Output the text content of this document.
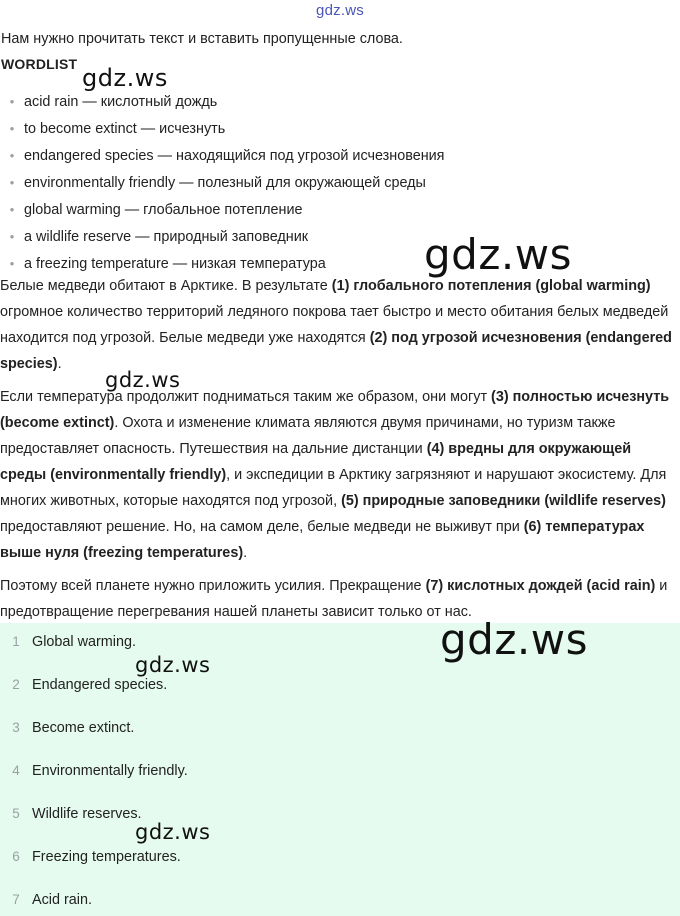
gdz.ws
Нам нужно прочитать текст и вставить пропущенные слова.
WORDLIST
• acid rain — кислотный дождь
• to become extinct — исчезнуть
• endangered species — находящийся под угрозой исчезновения
• environmentally friendly — полезный для окружающей среды
• global warming — глобальное потепление
• a wildlife reserve — природный заповедник
• a freezing temperature — низкая температура

Белые медведи обитают в Арктике. В результате (1) глобального потепления (global warming) огромное количество территорий ледяного покрова тает быстро и место обитания белых медведей находится под угрозой. Белые медведи уже находятся (2) под угрозой исчезновения (endangered species).

Если температура продолжит подниматься таким же образом, они могут (3) полностью исчезнуть (become extinct). Охота и изменение климата являются двумя причинами, но туризм также предоставляет опасность. Путешествия на дальние дистанции (4) вредны для окружающей среды (environmentally friendly), и экспедиции в Арктику загрязняют и нарушают экосистему. Для многих животных, которые находятся под угрозой, (5) природные заповедники (wildlife reserves) предоставляют решение. Но, на самом деле, белые медведи не выживут при (6) температурах выше нуля (freezing temperatures).

Поэтому всей планете нужно приложить усилия. Прекращение (7) кислотных дождей (acid rain) и предотвращение перегревания нашей планеты зависит только от нас.

1 Global warming.
2 Endangered species.
3 Become extinct.
4 Environmentally friendly.
5 Wildlife reserves.
6 Freezing temperatures.
7 Acid rain.
gdz.ws
gdz.ws
gdz.ws
gdz.ws
gdz.ws
gdz.ws
